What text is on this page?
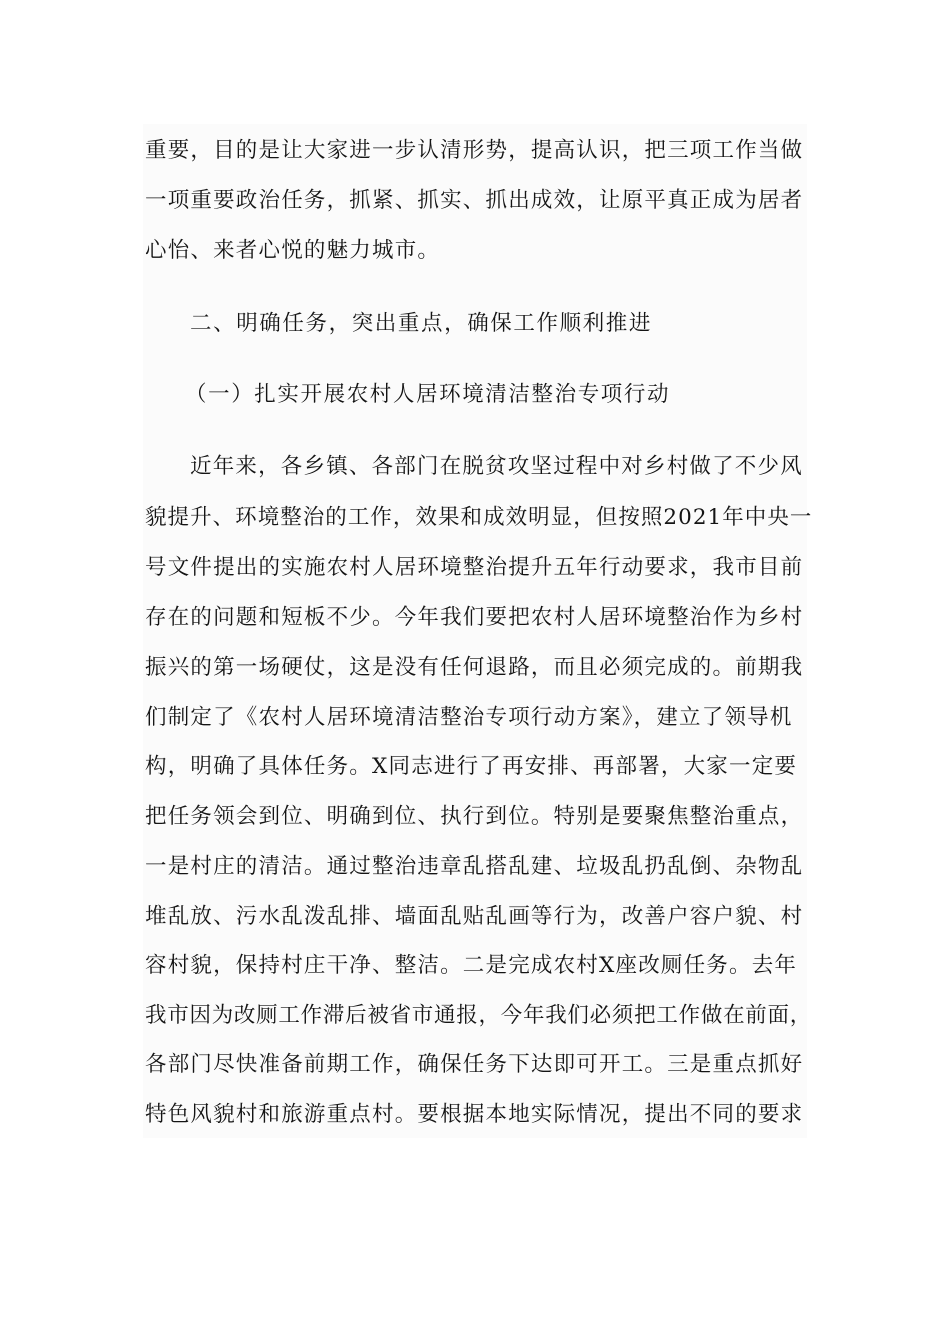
重要，目的是让大家进一步认清形势，提高认识，把三项工作当做
一项重要政治任务，抓紧、抓实、抓出成效，让原平真正成为居者
心怡、来者心悦的魅力城市。
二、明确任务，突出重点，确保工作顺利推进
（一）扎实开展农村人居环境清洁整治专项行动
近年来，各乡镇、各部门在脱贫攻坚过程中对乡村做了不少风
貌提升、环境整治的工作，效果和成效明显，但按照2021年中央一
号文件提出的实施农村人居环境整治提升五年行动要求，我市目前
存在的问题和短板不少。今年我们要把农村人居环境整治作为乡村
振兴的第一场硬仗，这是没有任何退路，而且必须完成的。前期我
们制定了《农村人居环境清洁整治专项行动方案》，建立了领导机
构，明确了具体任务。X同志进行了再安排、再部署，大家一定要
把任务领会到位、明确到位、执行到位。特别是要聚焦整治重点，
一是村庄的清洁。通过整治违章乱搭乱建、垃圾乱扔乱倒、杂物乱
堆乱放、污水乱泼乱排、墙面乱贴乱画等行为，改善户容户貌、村
容村貌，保持村庄干净、整洁。二是完成农村X座改厕任务。去年
我市因为改厕工作滞后被省市通报，今年我们必须把工作做在前面，
各部门尽快准备前期工作，确保任务下达即可开工。三是重点抓好
特色风貌村和旅游重点村。要根据本地实际情况，提出不同的要求
